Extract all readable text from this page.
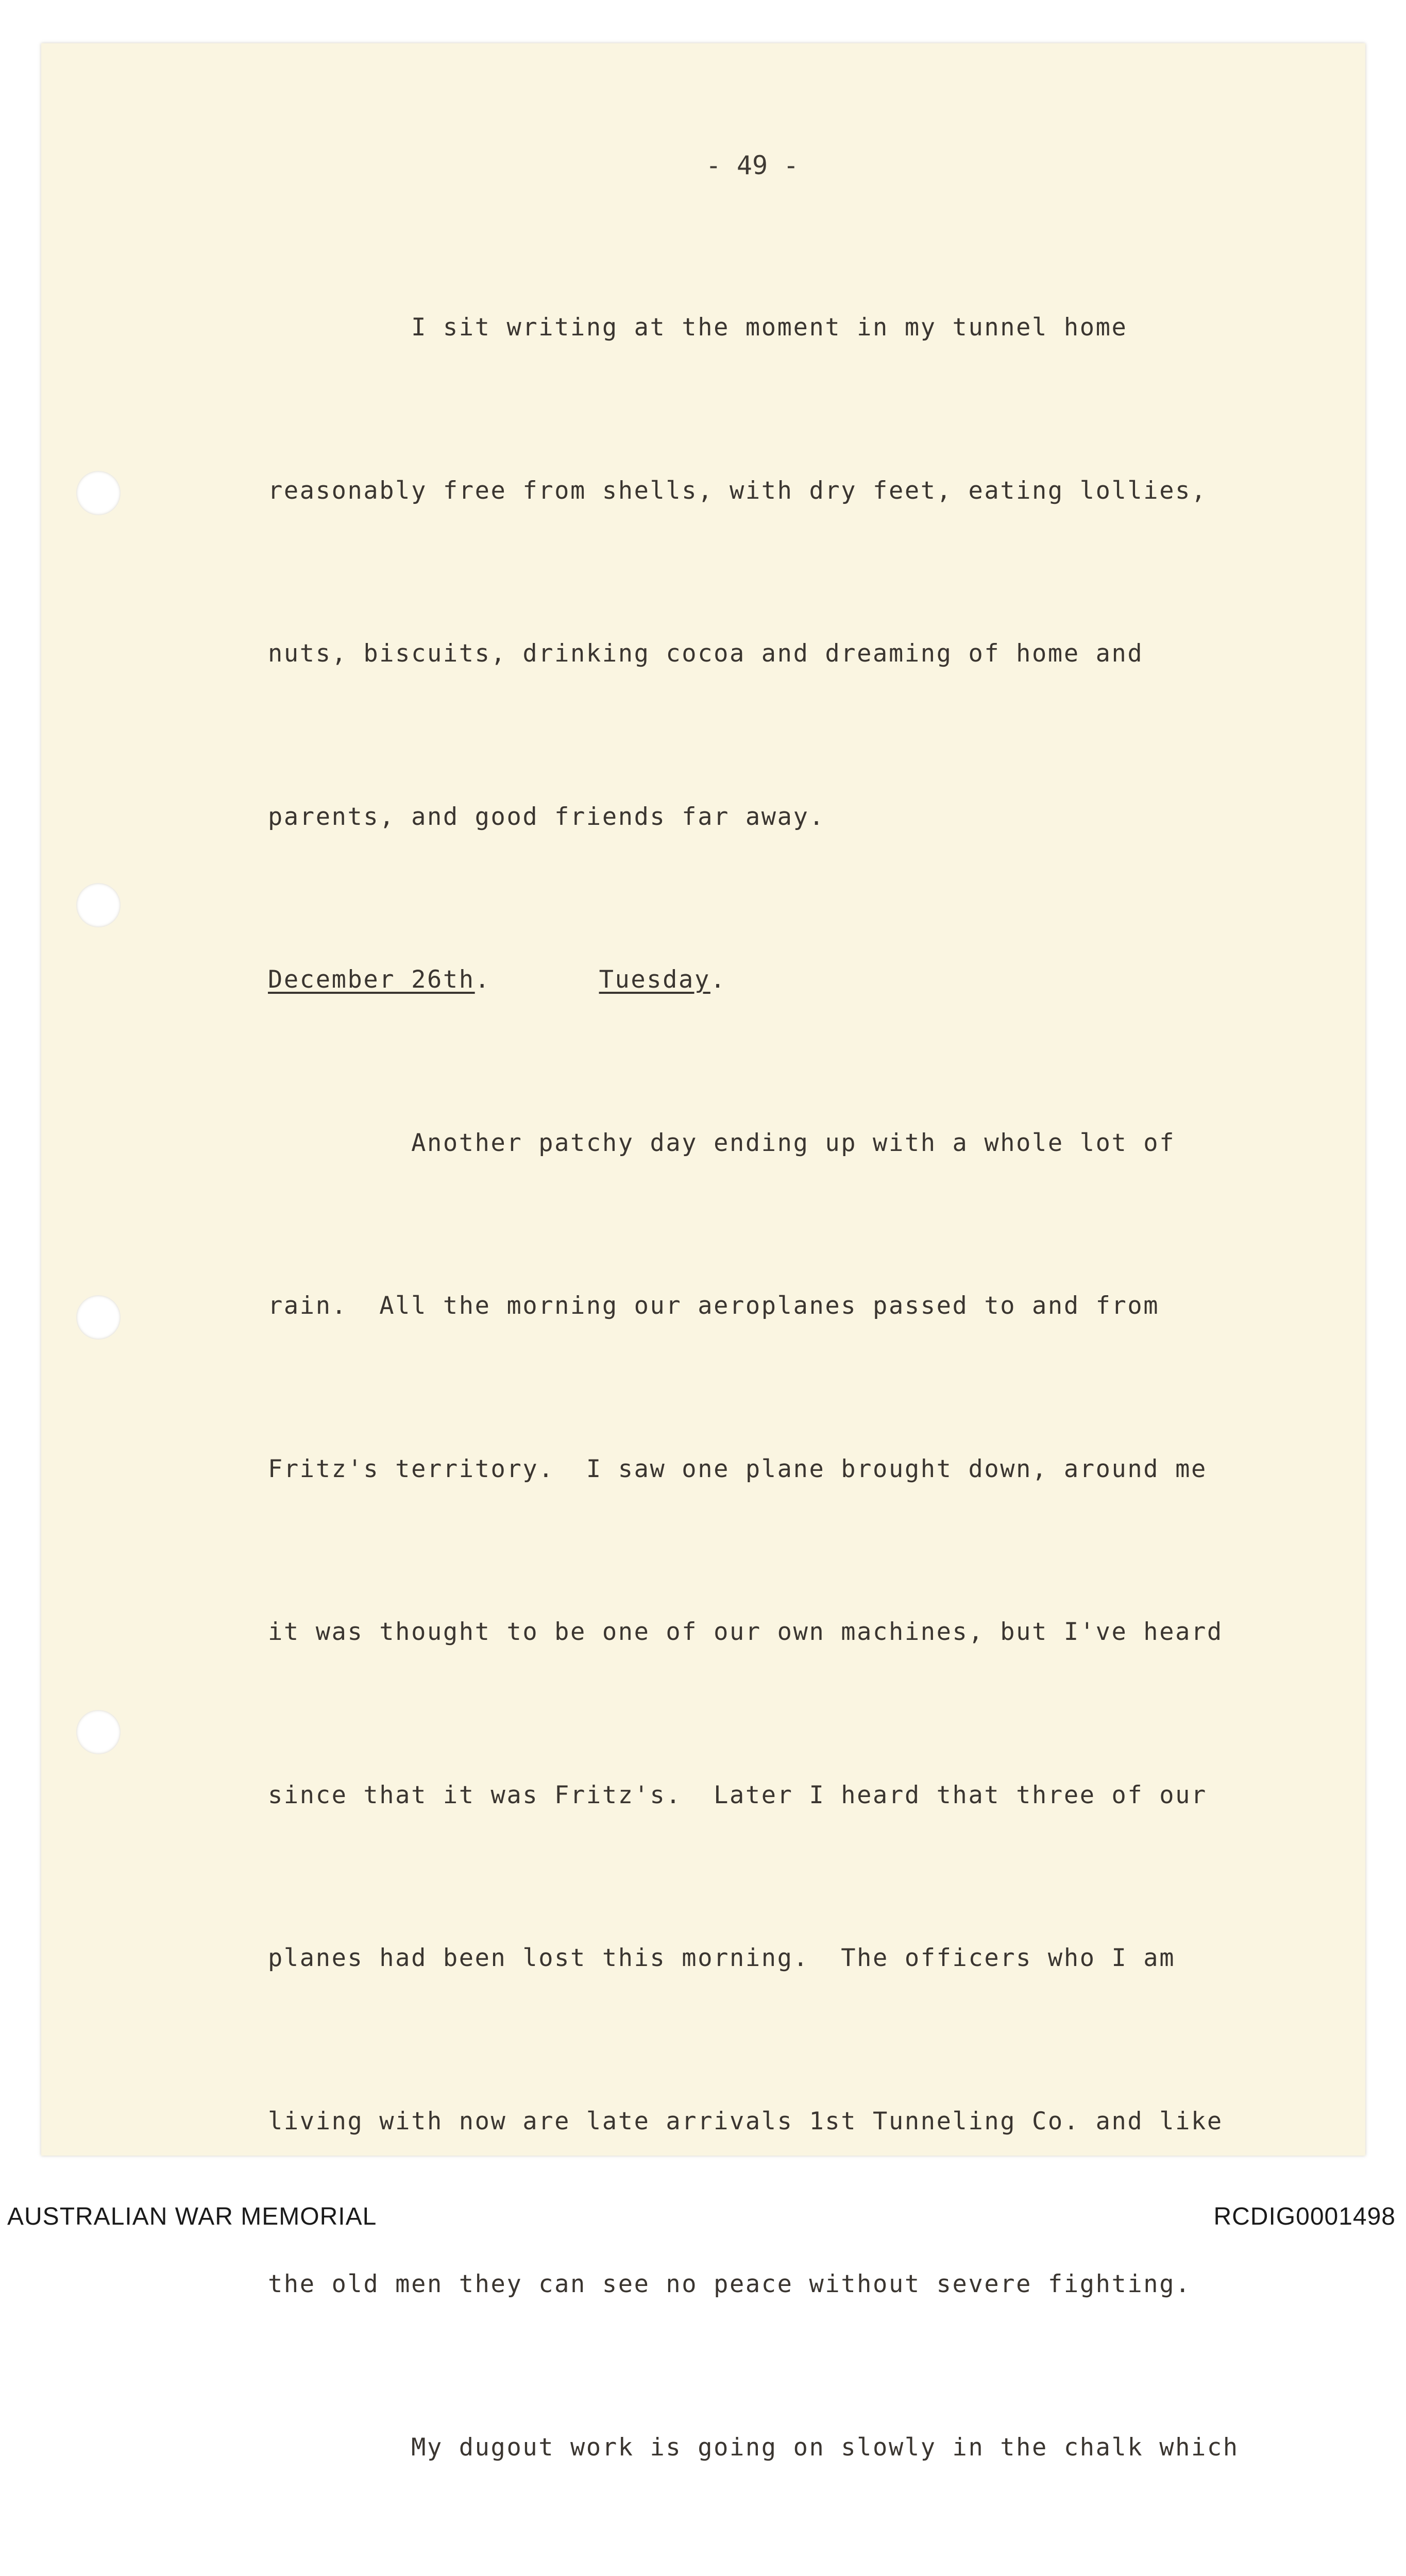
- 49 -

I sit writing at the moment in my tunnel home

reasonably free from shells, with dry feet, eating lollies,

nuts, biscuits, drinking cocoa and dreaming of home and

parents, and good friends far away.

December 26th.	Tuesday.

Another patchy day ending up with a whole lot of

rain.  All the morning our aeroplanes passed to and from

Fritz's territory.  I saw one plane brought down, around me

it was thought to be one of our own machines, but I've heard

since that it was Fritz's.  Later I heard that three of our

planes had been lost this morning.  The officers who I am

living with now are late arrivals 1st Tunneling Co. and like

the old men they can see no peace without severe fighting.

My dugout work is going on slowly in the chalk which

AUSTRALIAN WAR MEMORIAL	RCDIG0001498
